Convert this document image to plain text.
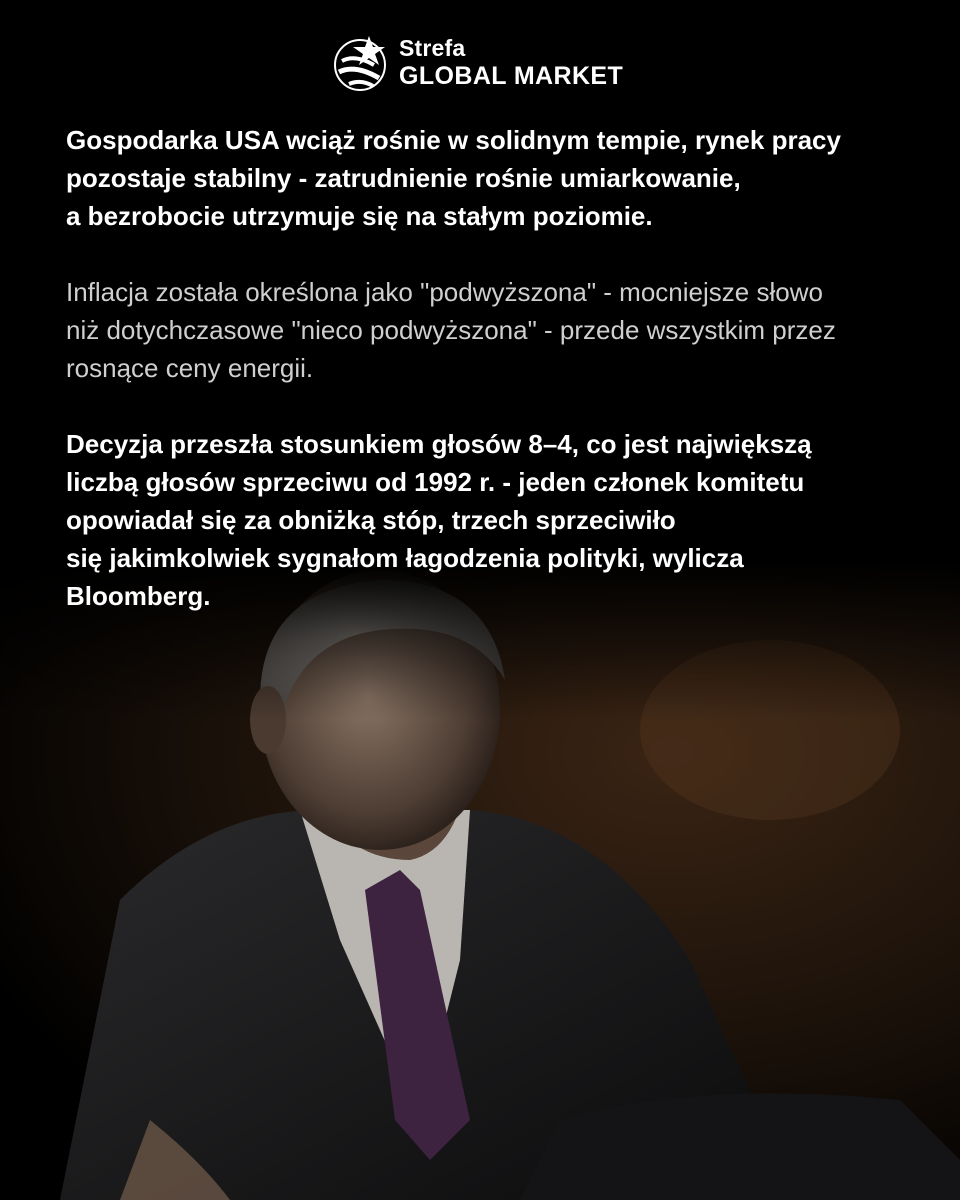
Strefa
GLOBAL MARKET

Gospodarka USA wciąż rośnie w solidnym tempie, rynek pracy
pozostaje stabilny - zatrudnienie rośnie umiarkowanie,
a bezrobocie utrzymuje się na stałym poziomie.

Inflacja została określona jako "podwyższona" - mocniejsze słowo
niż dotychczasowe "nieco podwyższona" - przede wszystkim przez
rosnące ceny energii.

Decyzja przeszła stosunkiem głosów 8–4, co jest największą
liczbą głosów sprzeciwu od 1992 r. - jeden członek komitetu
opowiadał się za obniżką stóp, trzech sprzeciwiło
się jakimkolwiek sygnałom łagodzenia polityki, wylicza
Bloomberg.
